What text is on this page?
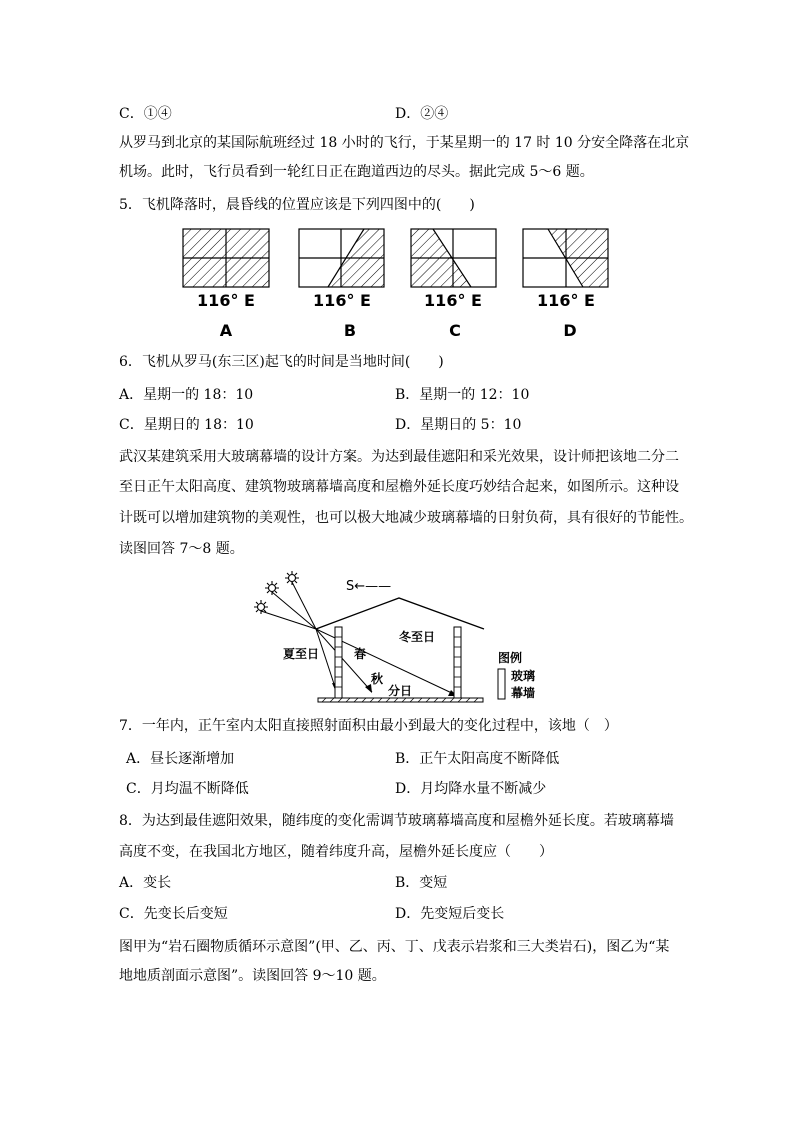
C．①④	D．②④
从罗马到北京的某国际航班经过 18 小时的飞行，于某星期一的 17 时 10 分安全降落在北京
机场。此时，飞行员看到一轮红日正在跑道西边的尽头。据此完成 5～6 题。
5．飞机降落时，晨昏线的位置应该是下列四图中的(　　)
116° E	116° E	116° E	116° E
A	B	C	D
6．飞机从罗马(东三区)起飞的时间是当地时间(　　)
A．星期一的 18：10	B．星期一的 12：10
C．星期日的 18：10	D．星期日的 5：10
武汉某建筑采用大玻璃幕墙的设计方案。为达到最佳遮阳和采光效果，设计师把该地二分二
至日正午太阳高度、建筑物玻璃幕墙高度和屋檐外延长度巧妙结合起来，如图所示。这种设
计既可以增加建筑物的美观性，也可以极大地减少玻璃幕墙的日射负荷，具有很好的节能性。
读图回答 7～8 题。
S←——
夏至日	春
秋
分日
冬至日
图例
玻璃
幕墙
7．一年内，正午室内太阳直接照射面积由最小到最大的变化过程中，该地（　）
A．昼长逐渐增加	B．正午太阳高度不断降低
C．月均温不断降低	D．月均降水量不断减少
8．为达到最佳遮阳效果，随纬度的变化需调节玻璃幕墙高度和屋檐外延长度。若玻璃幕墙
高度不变，在我国北方地区，随着纬度升高，屋檐外延长度应（　　）
A．变长	B．变短
C．先变长后变短	D．先变短后变长
图甲为“岩石圈物质循环示意图”(甲、乙、丙、丁、戊表示岩浆和三大类岩石)，图乙为“某
地地质剖面示意图”。读图回答 9～10 题。
